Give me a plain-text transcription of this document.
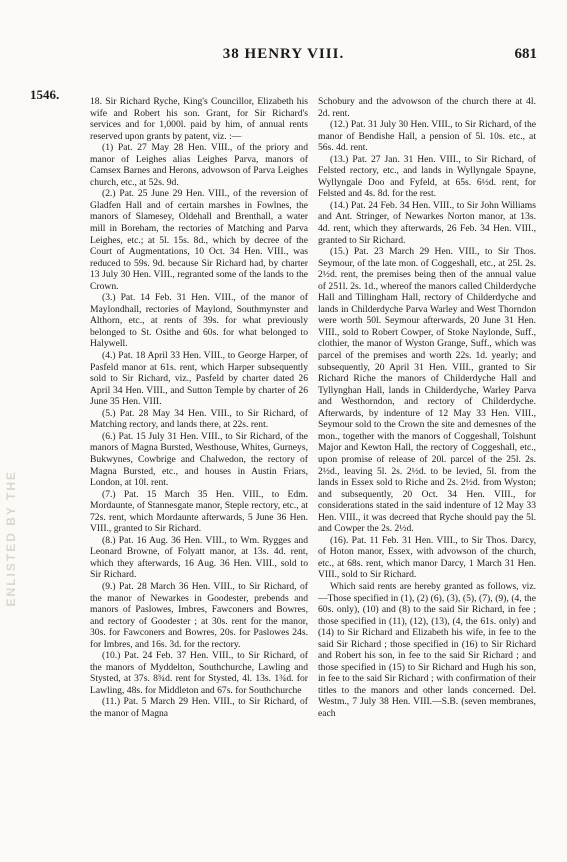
38 HENRY VIII.	681
1546.
ENLISTED BY THE

18. Sir Richard Ryche, King's Councillor, Elizabeth his wife and Robert his son. Grant, for Sir Richard's services and for 1,000l. paid by him, of annual rents reserved upon grants by patent, viz. :—

(1) Pat. 27 May 28 Hen. VIII., of the priory and manor of Leighes alias Leighes Parva, manors of Camsex Barnes and Herons, advowson of Parva Leighes church, etc., at 52s. 9d.

(2.) Pat. 25 June 29 Hen. VIII., of the reversion of Gladfen Hall and of certain marshes in Fowlnes, the manors of Slamesey, Oldehall and Brenthall, a water mill in Boreham, the rectories of Matching and Parva Leighes, etc.; at 5l. 15s. 8d., which by decree of the Court of Augmentations, 10 Oct. 34 Hen. VIII., was reduced to 59s. 9d. because Sir Richard had, by charter 13 July 30 Hen. VIII., regranted some of the lands to the Crown.

(3.) Pat. 14 Feb. 31 Hen. VIII., of the manor of Maylondhall, rectories of Maylond, Southmynster and Althorn, etc., at rents of 39s. for what previously belonged to St. Osithe and 60s. for what belonged to Halywell.

(4.) Pat. 18 April 33 Hen. VIII., to George Harper, of Pasfeld manor at 61s. rent, which Harper subsequently sold to Sir Richard, viz., Pasfeld by charter dated 26 April 34 Hen. VIII., and Sutton Temple by charter of 26 June 35 Hen. VIII.

(5.) Pat. 28 May 34 Hen. VIII., to Sir Richard, of Matching rectory, and lands there, at 22s. rent.

(6.) Pat. 15 July 31 Hen. VIII., to Sir Richard, of the manors of Magna Bursted, Westhouse, Whites, Gurneys, Bukwynes, Cowbrige and Chalwedon, the rectory of Magna Bursted, etc., and houses in Austin Friars, London, at 10l. rent.

(7.) Pat. 15 March 35 Hen. VIII., to Edm. Mordaunte, of Stannesgate manor, Steple rectory, etc., at 72s. rent, which Mordaunte afterwards, 5 June 36 Hen. VIII., granted to Sir Richard.

(8.) Pat. 16 Aug. 36 Hen. VIII., to Wm. Rygges and Leonard Browne, of Folyatt manor, at 13s. 4d. rent, which they afterwards, 16 Aug. 36 Hen. VIII., sold to Sir Richard.

(9.) Pat. 28 March 36 Hen. VIII., to Sir Richard, of the manor of Newarkes in Goodester, prebends and manors of Paslowes, Imbres, Fawconers and Bowres, and rectory of Goodester ; at 30s. rent for the manor, 30s. for Fawconers and Bowres, 20s. for Paslowes 24s. for Imbres, and 16s. 3d. for the rectory.

(10.) Pat. 24 Feb. 37 Hen. VIII., to Sir Richard, of the manors of Myddelton, Southchurche, Lawling and Stysted, at 37s. 8¾d. rent for Stysted, 4l. 13s. 1¾d. for Lawling, 48s. for Middleton and 67s. for Southchurche

(11.) Pat. 5 March 29 Hen. VIII., to Sir Richard, of the manor of Magna

Schobury and the advowson of the church there at 4l. 2d. rent.

(12.) Pat. 31 July 30 Hen. VIII., to Sir Richard, of the manor of Bendishe Hall, a pension of 5l. 10s. etc., at 56s. 4d. rent.

(13.) Pat. 27 Jan. 31 Hen. VIII., to Sir Richard, of Felsted rectory, etc., and lands in Wyllyngale Spayne, Wyllyngale Doo and Fyfeld, at 65s. 6½d. rent, for Felsted and 4s. 8d. for the rest.

(14.) Pat. 24 Feb. 34 Hen. VIII., to Sir John Williams and Ant. Stringer, of Newarkes Norton manor, at 13s. 4d. rent, which they afterwards, 26 Feb. 34 Hen. VIII., granted to Sir Richard.

(15.) Pat. 23 March 29 Hen. VIII., to Sir Thos. Seymour, of the late mon. of Coggeshall, etc., at 25l. 2s. 2½d. rent, the premises being then of the annual value of 251l. 2s. 1d., whereof the manors called Childerdyche Hall and Tillingham Hall, rectory of Childerdyche and lands in Childerdyche Parva Warley and West Thorndon were worth 50l. Seymour afterwards, 20 June 31 Hen. VIII., sold to Robert Cowper, of Stoke Naylonde, Suff., clothier, the manor of Wyston Grange, Suff., which was parcel of the premises and worth 22s. 1d. yearly; and subsequently, 20 April 31 Hen. VIII., granted to Sir Richard Riche the manors of Childerdyche Hall and Tyllynghan Hall, lands in Childerdyche, Warley Parva and Westhorndon, and rectory of Childerdyche. Afterwards, by indenture of 12 May 33 Hen. VIII., Seymour sold to the Crown the site and demesnes of the mon., together with the manors of Coggeshall, Tolshunt Major and Kewton Hall, the rectory of Coggeshall, etc., upon promise of release of 20l. parcel of the 25l. 2s. 2½d., leaving 5l. 2s. 2½d. to be levied, 5l. from the lands in Essex sold to Riche and 2s. 2½d. from Wyston; and subsequently, 20 Oct. 34 Hen. VIII., for considerations stated in the said indenture of 12 May 33 Hen. VIII., it was decreed that Ryche should pay the 5l. and Cowper the 2s. 2½d.

(16). Pat. 11 Feb. 31 Hen. VIII., to Sir Thos. Darcy, of Hoton manor, Essex, with advowson of the church, etc., at 68s. rent, which manor Darcy, 1 March 31 Hen. VIII., sold to Sir Richard.

Which said rents are hereby granted as follows, viz.—Those specified in (1), (2) (6), (3), (5), (7), (9), (4, the 60s. only), (10) and (8) to the said Sir Richard, in fee ; those specified in (11), (12), (13), (4, the 61s. only) and (14) to Sir Richard and Elizabeth his wife, in fee to the said Sir Richard ; those specified in (16) to Sir Richard and Robert his son, in fee to the said Sir Richard ; and those specified in (15) to Sir Richard and Hugh his son, in fee to the said Sir Richard ; with confirmation of their titles to the manors and other lands concerned. Del. Westm., 7 July 38 Hen. VIII.—S.B. (seven membranes, each
